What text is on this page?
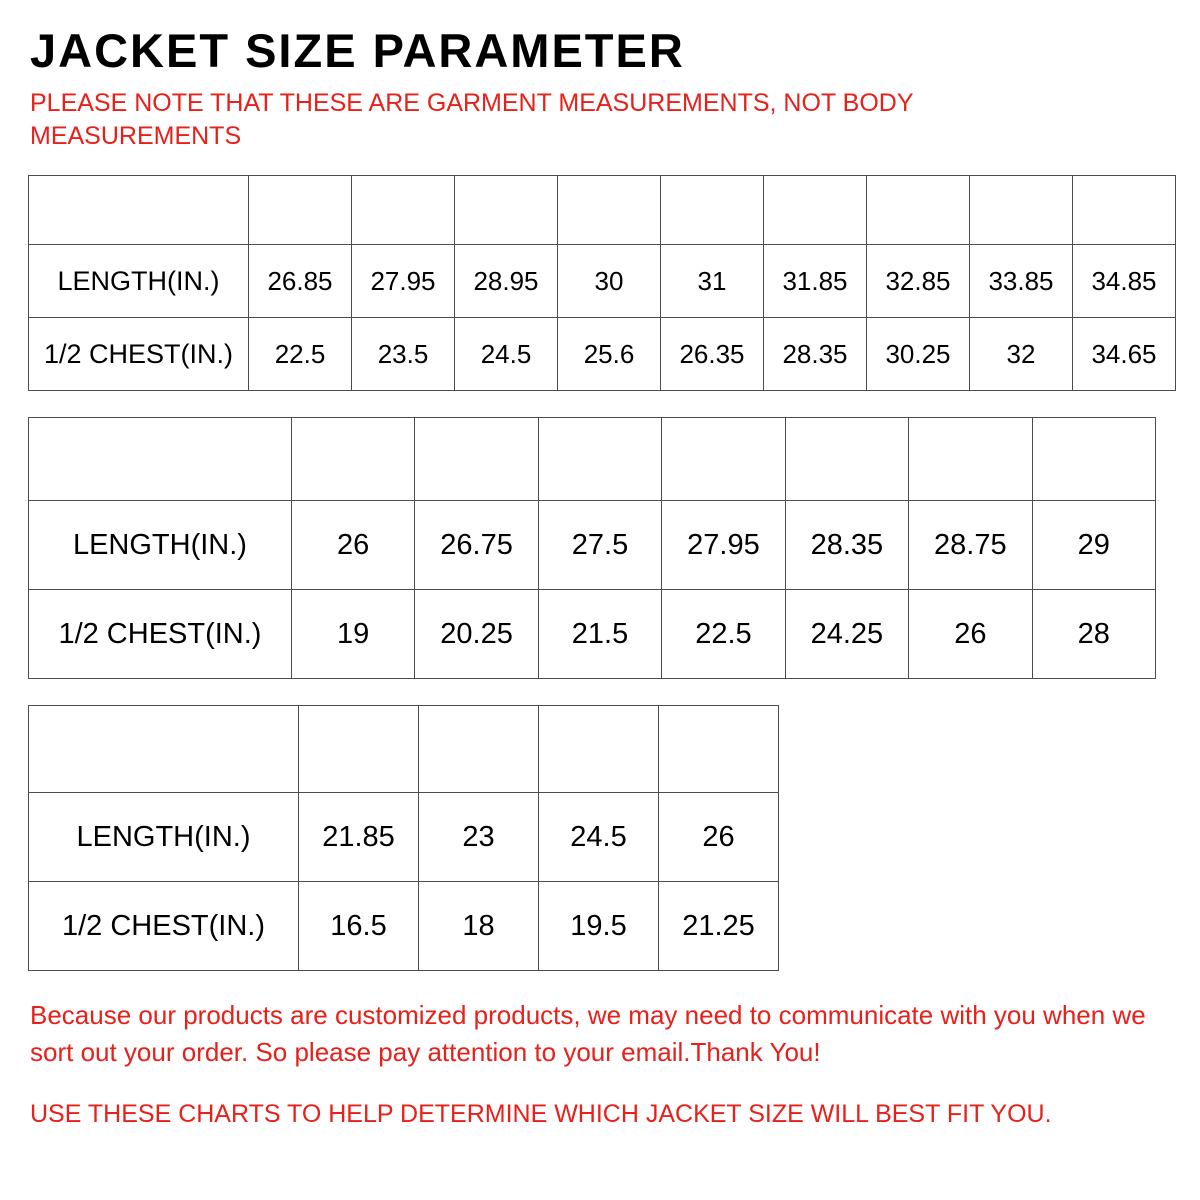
JACKET SIZE PARAMETER

PLEASE NOTE THAT THESE ARE GARMENT MEASUREMENTS, NOT BODY MEASUREMENTS

MEN’S	S	M	L	XL	2XL	3XL	4XL	5XL	6XL
LENGTH(IN.)	26.85	27.95	28.95	30	31	31.85	32.85	33.85	34.85
1/2 CHEST(IN.)	22.5	23.5	24.5	25.6	26.35	28.35	30.25	32	34.65
WOMEN’S	S	M	L	XL	2XL	3XL	4XL
LENGTH(IN.)	26	26.75	27.5	27.95	28.35	28.75	29
1/2 CHEST(IN.)	19	20.25	21.5	22.5	24.25	26	28
YOUTH	8	10–12	14–16	18–20
LENGTH(IN.)	21.85	23	24.5	26
1/2 CHEST(IN.)	16.5	18	19.5	21.25

Because our products are customized products, we may need to communicate with you when we sort out your order. So please pay attention to your email.Thank You!

USE THESE CHARTS TO HELP DETERMINE WHICH JACKET SIZE WILL BEST FIT YOU.
